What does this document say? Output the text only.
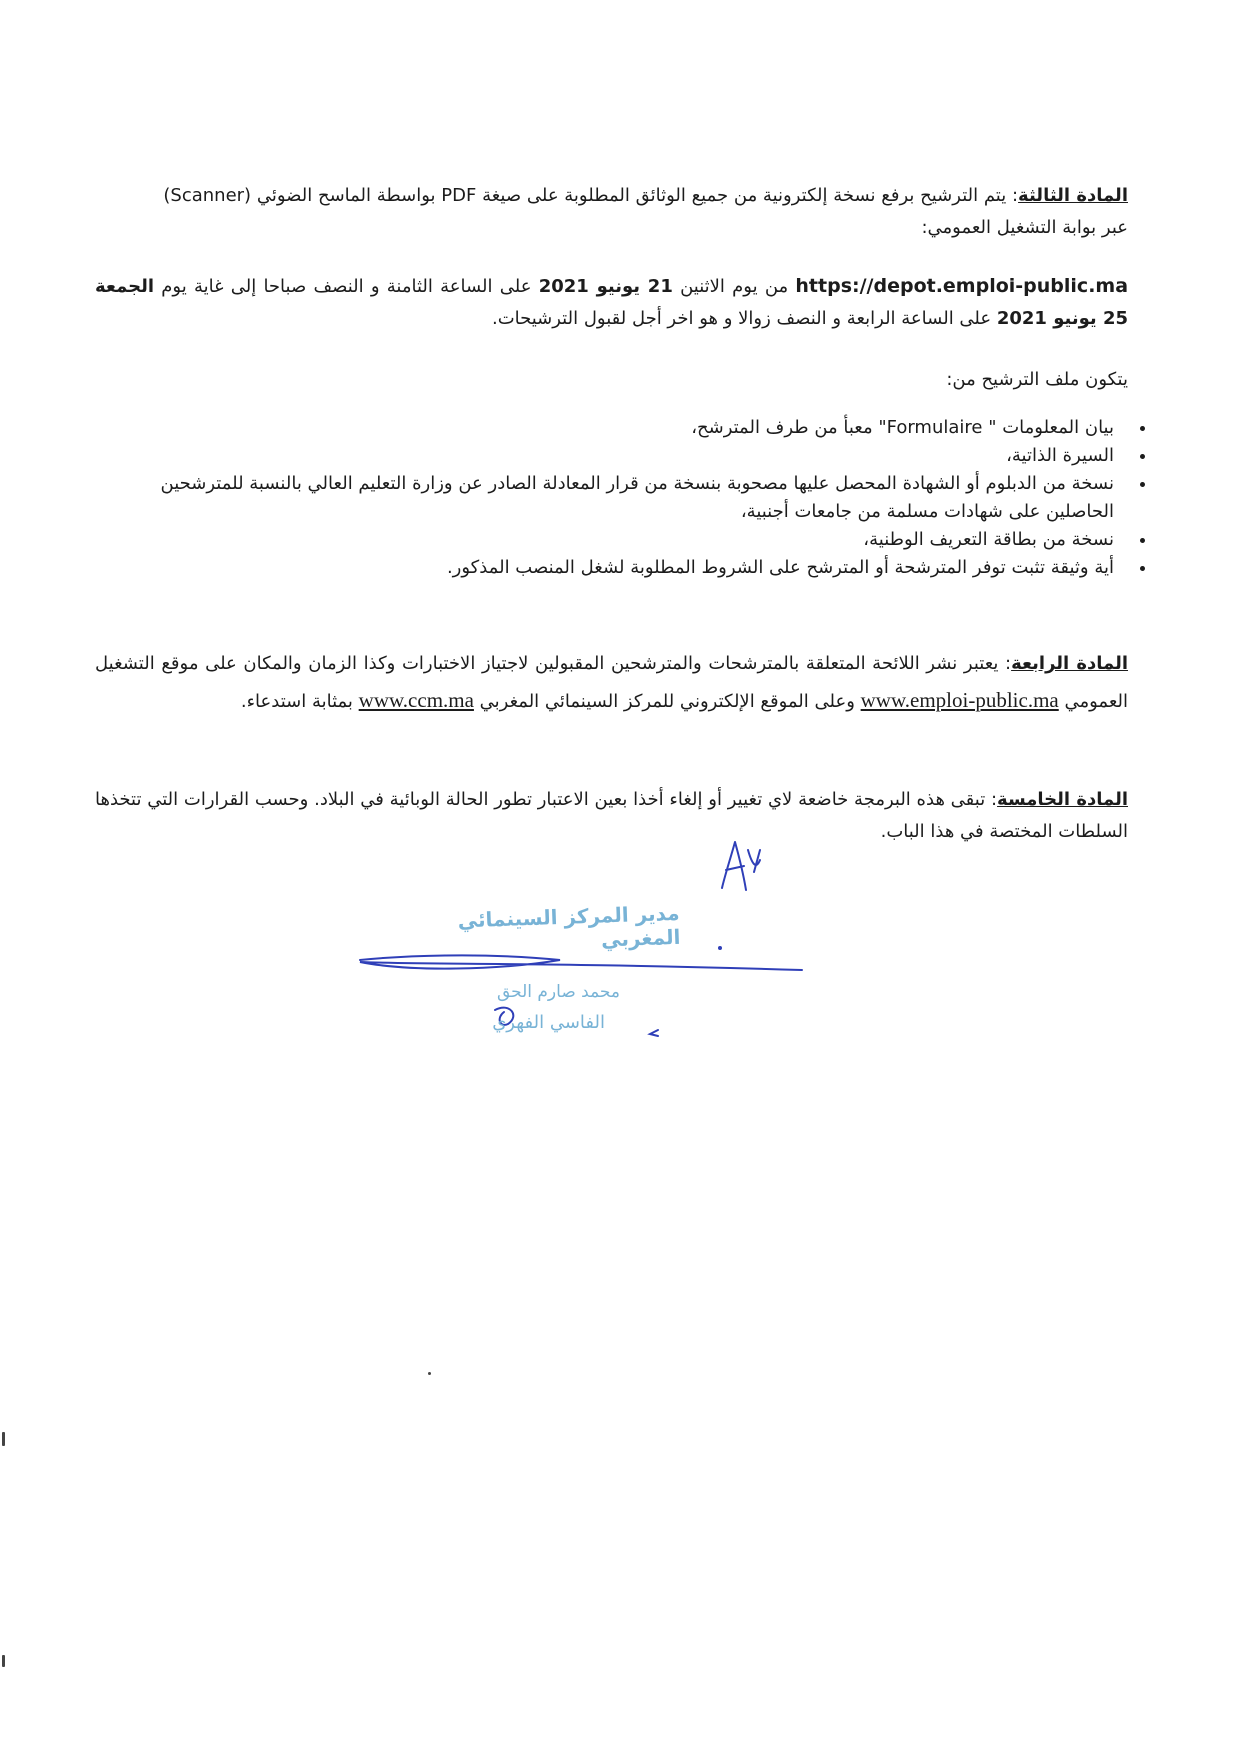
المادة الثالثة: يتم الترشيح برفع نسخة إلكترونية من جميع الوثائق المطلوبة على صيغة PDF بواسطة الماسح الضوئي (Scanner)
عبر بوابة التشغيل العمومي:

https://depot.emploi-public.ma من يوم الاثنين 21 يونيو 2021 على الساعة الثامنة و النصف صباحا إلى غاية يوم الجمعة 25 يونيو 2021 على الساعة الرابعة و النصف زوالا و هو اخر أجل لقبول الترشيحات.

يتكون ملف الترشيح من:

• بيان المعلومات " Formulaire" معبأ من طرف المترشح،
• السيرة الذاتية،
• نسخة من الدبلوم أو الشهادة المحصل عليها مصحوبة بنسخة من قرار المعادلة الصادر عن وزارة التعليم العالي بالنسبة للمترشحين الحاصلين على شهادات مسلمة من جامعات أجنبية،
• نسخة من بطاقة التعريف الوطنية،
• أية وثيقة تثبت توفر المترشحة أو المترشح على الشروط المطلوبة لشغل المنصب المذكور.

المادة الرابعة: يعتبر نشر اللائحة المتعلقة بالمترشحات والمترشحين المقبولين لاجتياز الاختبارات وكذا الزمان والمكان على موقع التشغيل العمومي www.emploi-public.ma وعلى الموقع الإلكتروني للمركز السينمائي المغربي www.ccm.ma بمثابة استدعاء.

المادة الخامسة: تبقى هذه البرمجة خاضعة لاي تغيير أو إلغاء أخذا بعين الاعتبار تطور الحالة الوبائية في البلاد. وحسب القرارات التي تتخذها السلطات المختصة في هذا الباب.

مدير المركز السينمائي المغربي
محمد صارم الحق
الفاسي الفهري
